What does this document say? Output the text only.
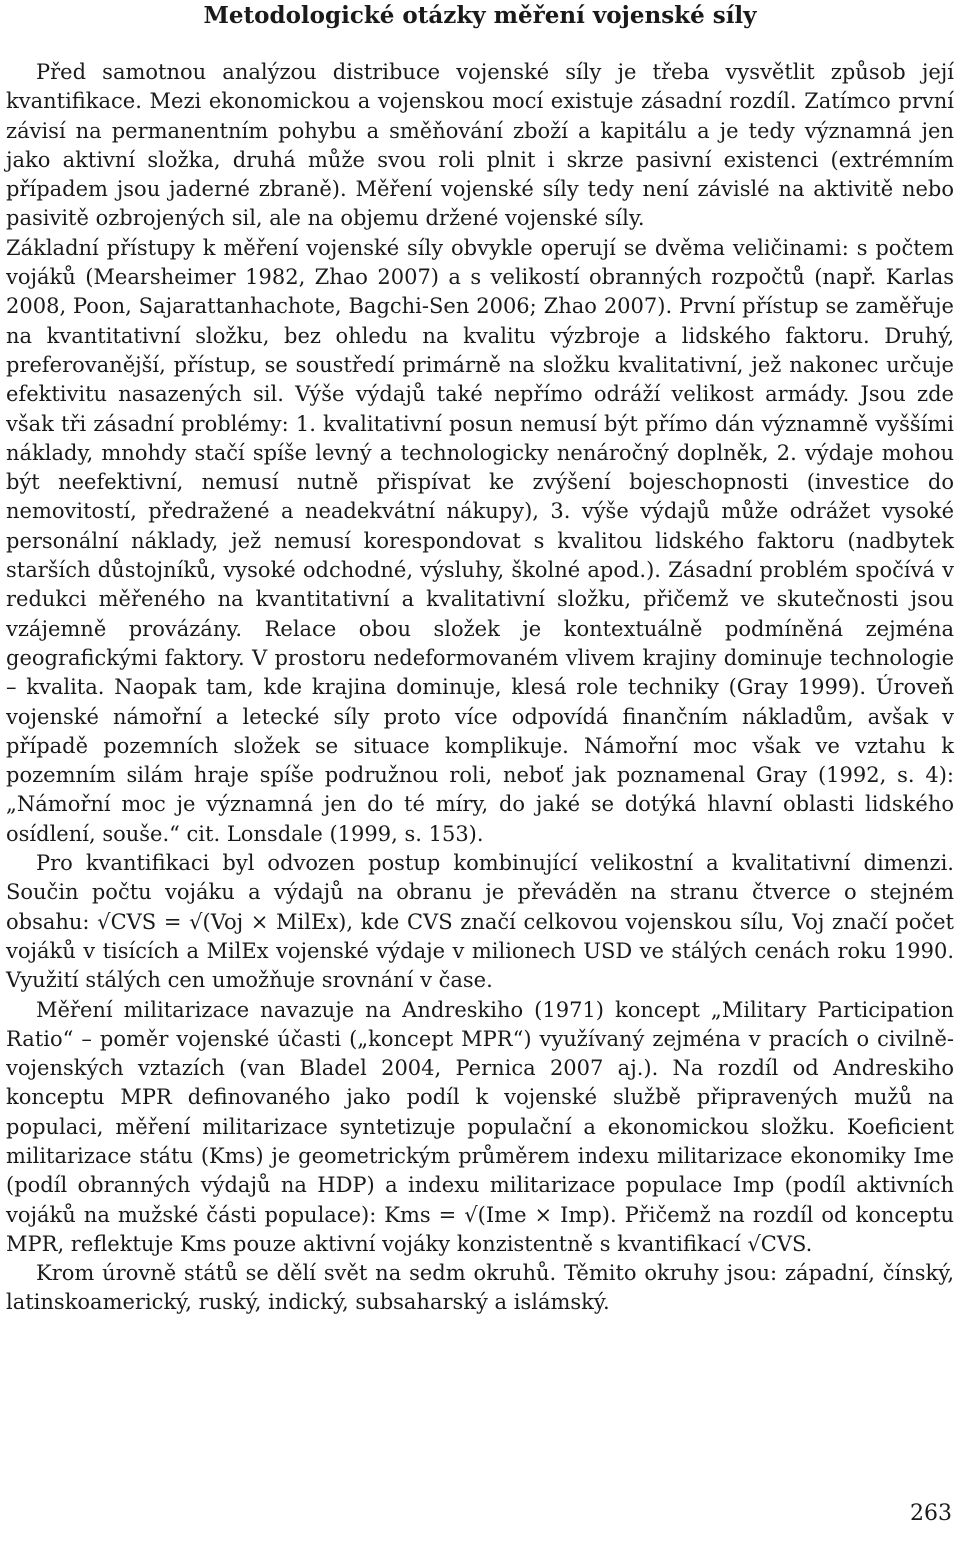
Metodologické otázky měření vojenské síly

Před samotnou analýzou distribuce vojenské síly je třeba vysvětlit způsob její kvantifikace. Mezi ekonomickou a vojenskou mocí existuje zásadní rozdíl. Zatímco první závisí na permanentním pohybu a směňování zboží a kapitálu a je tedy významná jen jako aktivní složka, druhá může svou roli plnit i skrze pasivní existenci (extrémním případem jsou jaderné zbraně). Měření vojenské síly tedy není závislé na aktivitě nebo pasivitě ozbrojených sil, ale na objemu držené vojenské síly.

Základní přístupy k měření vojenské síly obvykle operují se dvěma veličinami: s počtem vojáků (Mearsheimer 1982, Zhao 2007) a s velikostí obranných rozpočtů (např. Karlas 2008, Poon, Sajarattanhachote, Bagchi-Sen 2006; Zhao 2007). První přístup se zaměřuje na kvantitativní složku, bez ohledu na kvalitu výzbroje a lidského faktoru. Druhý, preferovanější, přístup, se soustředí primárně na složku kvalitativní, jež nakonec určuje efektivitu nasazených sil. Výše výdajů také nepřímo odráží velikost armády. Jsou zde však tři zásadní problémy: 1. kvalitativní posun nemusí být přímo dán významně vyššími náklady, mnohdy stačí spíše levný a technologicky nenáročný doplněk, 2. výdaje mohou být neefektivní, nemusí nutně přispívat ke zvýšení bojeschopnosti (investice do nemovitostí, předražené a neadekvátní nákupy), 3. výše výdajů může odrážet vysoké personální náklady, jež nemusí korespondovat s kvalitou lidského faktoru (nadbytek starších důstojníků, vysoké odchodné, výsluhy, školné apod.). Zásadní problém spočívá v redukci měřeného na kvantitativní a kvalitativní složku, přičemž ve skutečnosti jsou vzájemně provázány. Relace obou složek je kontextuálně podmíněná zejména geografickými faktory. V prostoru nedeformovaném vlivem krajiny dominuje technologie – kvalita. Naopak tam, kde krajina dominuje, klesá role techniky (Gray 1999). Úroveň vojenské námořní a letecké síly proto více odpovídá finančním nákladům, avšak v případě pozemních složek se situace komplikuje. Námořní moc však ve vztahu k pozemním silám hraje spíše podružnou roli, neboť jak poznamenal Gray (1992, s. 4): „Námořní moc je významná jen do té míry, do jaké se dotýká hlavní oblasti lidského osídlení, souše.“ cit. Lonsdale (1999, s. 153).

Pro kvantifikaci byl odvozen postup kombinující velikostní a kvalitativní dimenzi. Součin počtu vojáku a výdajů na obranu je převáděn na stranu čtverce o stejném obsahu: √CVS = √(Voj × MilEx), kde CVS značí celkovou vojenskou sílu, Voj značí počet vojáků v tisících a MilEx vojenské výdaje v milionech USD ve stálých cenách roku 1990. Využití stálých cen umožňuje srovnání v čase.

Měření militarizace navazuje na Andreskiho (1971) koncept „Military Participation Ratio“ – poměr vojenské účasti („koncept MPR“) využívaný zejména v pracích o civilně-vojenských vztazích (van Bladel 2004, Pernica 2007 aj.). Na rozdíl od Andreskiho konceptu MPR definovaného jako podíl k vojenské službě připravených mužů na populaci, měření militarizace syntetizuje populační a ekonomickou složku. Koeficient militarizace státu (Kms) je geometrickým průměrem indexu militarizace ekonomiky Ime (podíl obranných výdajů na HDP) a indexu militarizace populace Imp (podíl aktivních vojáků na mužské části populace): Kms = √(Ime × Imp). Přičemž na rozdíl od konceptu MPR, reflektuje Kms pouze aktivní vojáky konzistentně s kvantifikací √CVS.

Krom úrovně států se dělí svět na sedm okruhů. Těmito okruhy jsou: západní, čínský, latinskoamerický, ruský, indický, subsaharský a islámský.

263
